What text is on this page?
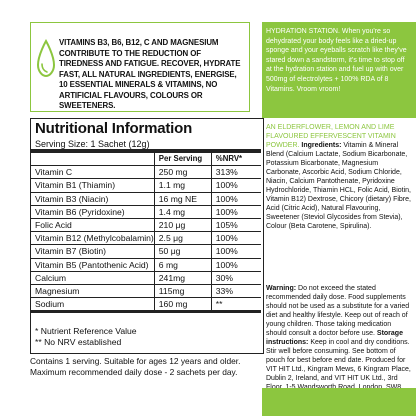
VITAMINS B3, B6, B12, C AND MAGNESIUM CONTRIBUTE TO THE REDUCTION OF TIREDNESS AND FATIGUE. RECOVER, HYDRATE FAST, ALL NATURAL INGREDIENTS, ENERGISE, 10 ESSENTIAL MINERALS & VITAMINS, NO ARTIFICIAL FLAVOURS, COLOURS OR SWEETENERS.
Nutritional Information
Serving Size: 1 Sachet (12g)
	Per Serving	%NRV*
Vitamin C	250 mg	313%
Vitamin B1 (Thiamin)	1.1 mg	100%
Vitamin B3 (Niacin)	16 mg NE	100%
Vitamin B6 (Pyridoxine)	1.4 mg	100%
Folic Acid	210 μg	105%
Vitamin B12 (Methylcobalamin)	2.5 μg	100%
Vitamin B7 (Biotin)	50 μg	100%
Vitamin B5 (Pantothenic Acid)	6 mg	100%
Calcium	241mg	30%
Magnesium	115mg	33%
Sodium	160 mg	**
* Nutrient Reference Value
** No NRV established
Contains 1 serving. Suitable for ages 12 years and older.
Maximum recommended daily dose - 2 sachets per day.
HYDRATION STATION. When you're so dehydrated your body feels like a dried-up sponge and your eyeballs scratch like they've stared down a sandstorm, it's time to stop off at the hydration station and fuel up with over 500mg of electrolytes + 100% RDA of 8 Vitamins. Vroom vroom!
AN ELDERFLOWER, LEMON AND LIME FLAVOURED EFFERVESCENT VITAMIN POWDER. Ingredients: Vitamin & Mineral Blend (Calcium Lactate, Sodium Bicarbonate, Potassium Bicarbonate, Magnesium Carbonate, Ascorbic Acid, Sodium Chloride, Niacin, Calcium Pantothenate, Pyridoxine Hydrochloride, Thiamin HCL, Folic Acid, Biotin, Vitamin B12) Dextrose, Chicory (dietary) Fibre, Acid (Citric Acid), Natural Flavouring, Sweetener (Steviol Glycosides from Stevia), Colour (Beta Carotene, Spirulina).
Warning: Do not exceed the stated recommended daily dose. Food supplements should not be used as a substitute for a varied diet and healthy lifestyle. Keep out of reach of young children. Those taking medication should consult a doctor before use. Storage instructions: Keep in cool and dry conditions. Stir well before consuming. See bottom of pouch for best before end date. Produced for VIT HIT Ltd., Kingram Mews, 6 Kingram Place, Dublin 2, Ireland, and VIT HIT UK Ltd., 3rd
